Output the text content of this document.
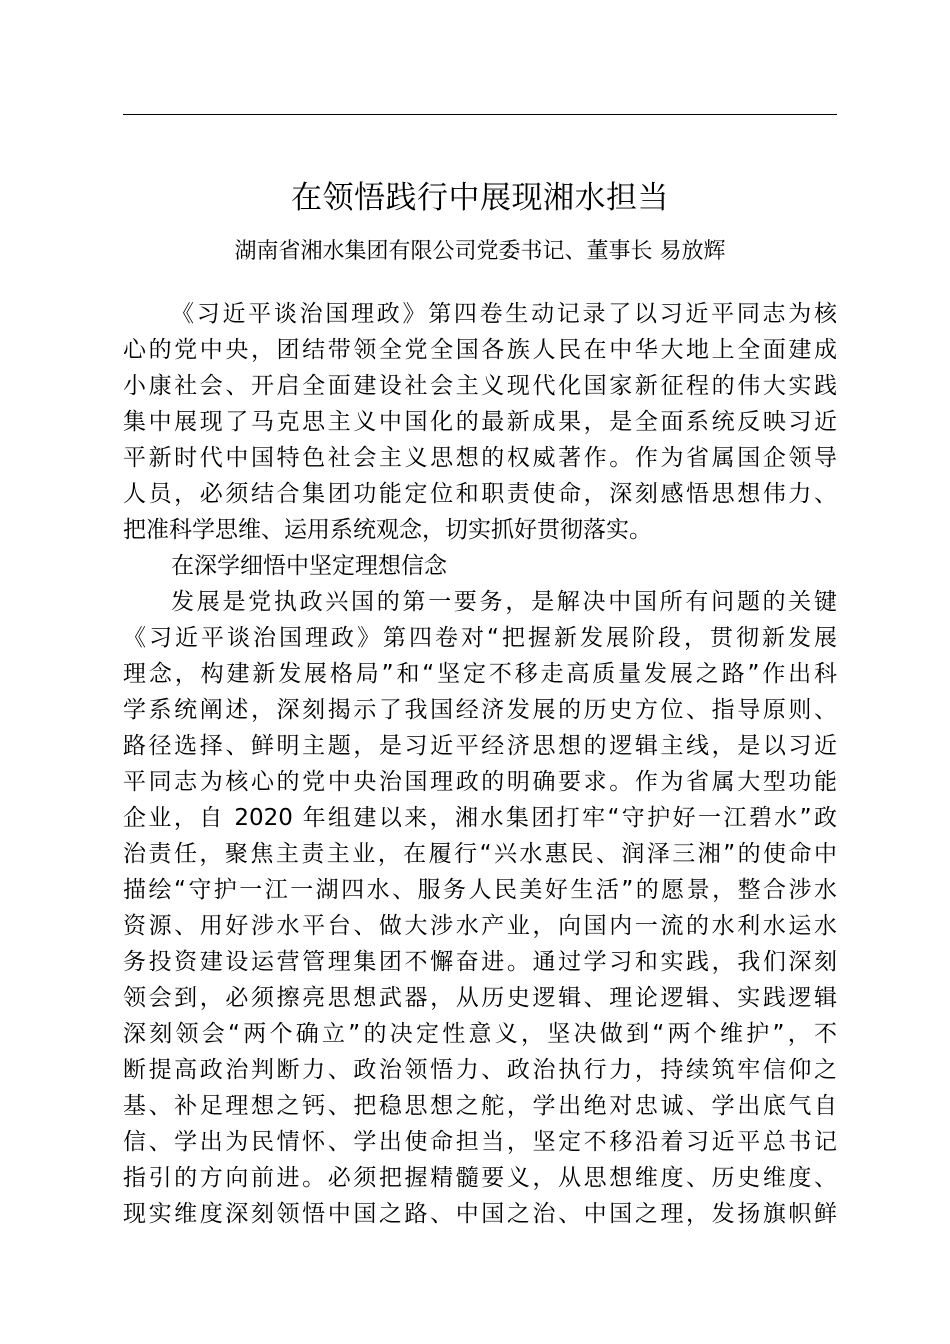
在领悟践行中展现湘水担当
湖南省湘水集团有限公司党委书记、董事长 易放辉
《习近平谈治国理政》第四卷生动记录了以习近平同志为核
心的党中央，团结带领全党全国各族人民在中华大地上全面建成
小康社会、开启全面建设社会主义现代化国家新征程的伟大实践
集中展现了马克思主义中国化的最新成果，是全面系统反映习近
平新时代中国特色社会主义思想的权威著作。作为省属国企领导
人员，必须结合集团功能定位和职责使命，深刻感悟思想伟力、
把准科学思维、运用系统观念，切实抓好贯彻落实。
在深学细悟中坚定理想信念
发展是党执政兴国的第一要务，是解决中国所有问题的关键
《习近平谈治国理政》第四卷对“把握新发展阶段，贯彻新发展
理念，构建新发展格局”和“坚定不移走高质量发展之路”作出科
学系统阐述，深刻揭示了我国经济发展的历史方位、指导原则、
路径选择、鲜明主题，是习近平经济思想的逻辑主线，是以习近
平同志为核心的党中央治国理政的明确要求。作为省属大型功能
企业，自 2020 年组建以来，湘水集团打牢“守护好一江碧水”政
治责任，聚焦主责主业，在履行“兴水惠民、润泽三湘”的使命中
描绘“守护一江一湖四水、服务人民美好生活”的愿景，整合涉水
资源、用好涉水平台、做大涉水产业，向国内一流的水利水运水
务投资建设运营管理集团不懈奋进。通过学习和实践，我们深刻
领会到，必须擦亮思想武器，从历史逻辑、理论逻辑、实践逻辑
深刻领会“两个确立”的决定性意义，坚决做到“两个维护”，不
断提高政治判断力、政治领悟力、政治执行力，持续筑牢信仰之
基、补足理想之钙、把稳思想之舵，学出绝对忠诚、学出底气自
信、学出为民情怀、学出使命担当，坚定不移沿着习近平总书记
指引的方向前进。必须把握精髓要义，从思想维度、历史维度、
现实维度深刻领悟中国之路、中国之治、中国之理，发扬旗帜鲜
